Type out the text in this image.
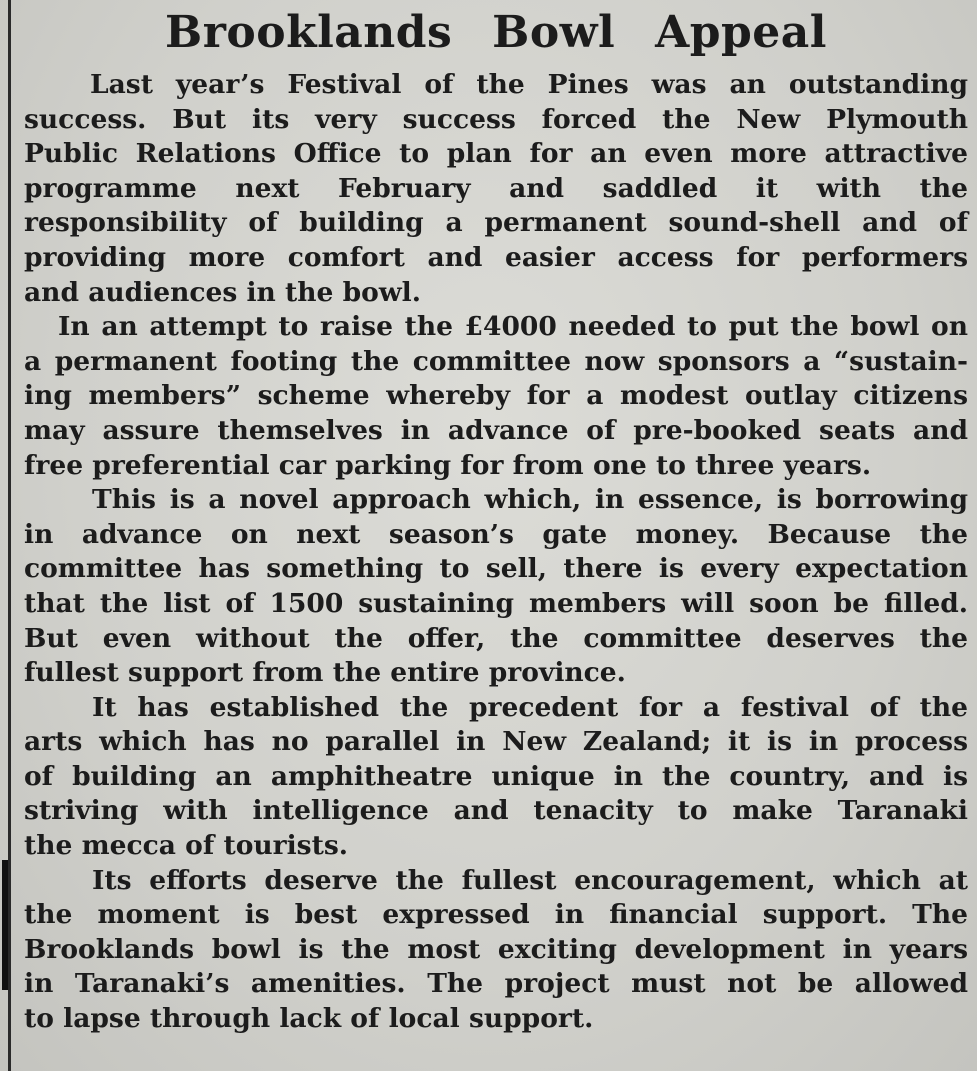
Brooklands Bowl Appeal

Last year’s Festival of the Pines was an outstanding
success. But its very success forced the New Plymouth
Public Relations Office to plan for an even more attractive
programme next February and saddled it with the
responsibility of building a permanent sound-shell and of
providing more comfort and easier access for performers
and audiences in the bowl.

In an attempt to raise the £4000 needed to put the bowl on
a permanent footing the committee now sponsors a “sustain-
ing members” scheme whereby for a modest outlay citizens
may assure themselves in advance of pre-booked seats and
free preferential car parking for from one to three years.

This is a novel approach which, in essence, is borrowing
in advance on next season’s gate money. Because the
committee has something to sell, there is every expectation
that the list of 1500 sustaining members will soon be filled.
But even without the offer, the committee deserves the
fullest support from the entire province.

It has established the precedent for a festival of the
arts which has no parallel in New Zealand; it is in process
of building an amphitheatre unique in the country, and is
striving with intelligence and tenacity to make Taranaki
the mecca of tourists.

Its efforts deserve the fullest encouragement, which at
the moment is best expressed in financial support. The
Brooklands bowl is the most exciting development in years
in Taranaki’s amenities. The project must not be allowed
to lapse through lack of local support.
